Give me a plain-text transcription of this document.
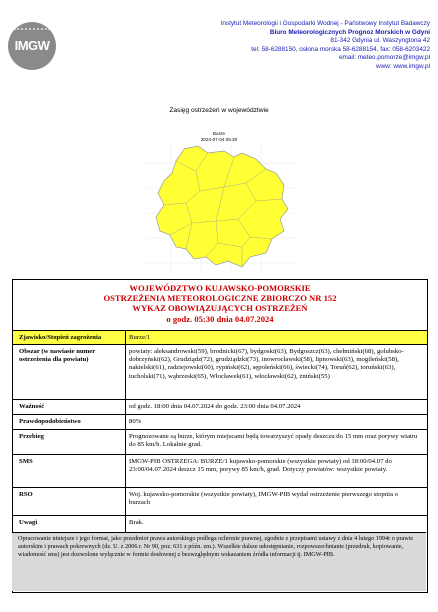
IMGW
Instytut Meteorologii i Gospodarki Wodnej - Państwowy Instytut Badawczy
Biuro Meteorologicznych Prognoz Morskich w Gdyni
81-342 Gdynia ul. Waszyngtona 42
tel: 58-6288150, osłona morska 58-6288154, fax: 058-6203422
email: meteo.pomorze@imgw.pl
www: www.imgw.pl
Zasięg ostrzeżeń w województwie
Burze
2024-07-04 05:30
WOJEWÓDZTWO KUJAWSKO-POMORSKIE
OSTRZEŻENIA METEOROLOGICZNE ZBIORCZO NR 152
WYKAZ OBOWIĄZUJĄCYCH OSTRZEŻEŃ
o godz. 05:30 dnia 04.07.2024
Zjawisko/Stopień zagrożenia	Burze/1
Obszar (w nawiasie numer ostrzeżenia dla powiatu)
powiaty: aleksandrowski(59), brodnicki(67), bydgoski(63), Bydgoszcz(63), chełmiński(68), golubsko-dobrzyński(62), Grudziądz(72), grudziądzki(73), inowrocławski(58), lipnowski(63), mogileński(58), nakielski(61), radziejowski(60), rypiński(62), sępoleński(66), świecki(74), Toruń(62), toruński(63), tucholski(71), wąbrzeski(65), Włocławek(61), włocławski(62), żniński(55)
Ważność	od godz. 18:00 dnia 04.07.2024 do godz. 23:00 dnia 04.07.2024
Prawdopodobieństwo	80%
Przebieg	Prognozowane są burze, którym miejscami będą towarzyszyć opady deszczu do 15 mm oraz porywy wiatru do 85 km/h. Lokalnie grad.
SMS	IMGW-PIB OSTRZEGA: BURZE/1 kujawsko-pomorskie (wszystkie powiaty) od 18:00/04.07 do 23:00/04.07.2024 deszcz 15 mm, porywy 85 km/h, grad. Dotyczy powiatów: wszystkie powiaty.
RSO	Woj. kujawsko-pomorskie (wszystkie powiaty), IMGW-PIB wydał ostrzeżenie pierwszego stopnia o burzach
Uwagi	Brak.
Opracowanie niniejsze i jego format, jako przedmiot prawa autorskiego podlega ochronie prawnej, zgodnie z przepisami ustawy z dnia 4 lutego 1994r o prawie autorskim i prawach pokrewnych (dz. U. z 2006 r. Nr 90, poz. 631 z późn. zm.). Wszelkie dalsze udostępnianie, rozpowszechnianie (przedruk, kopiowanie, wiadomość sms) jest dozwolone wyłącznie w formie dosłownej z bezwzględnym wskazaniem źródła informacji tj. IMGW-PIB.
